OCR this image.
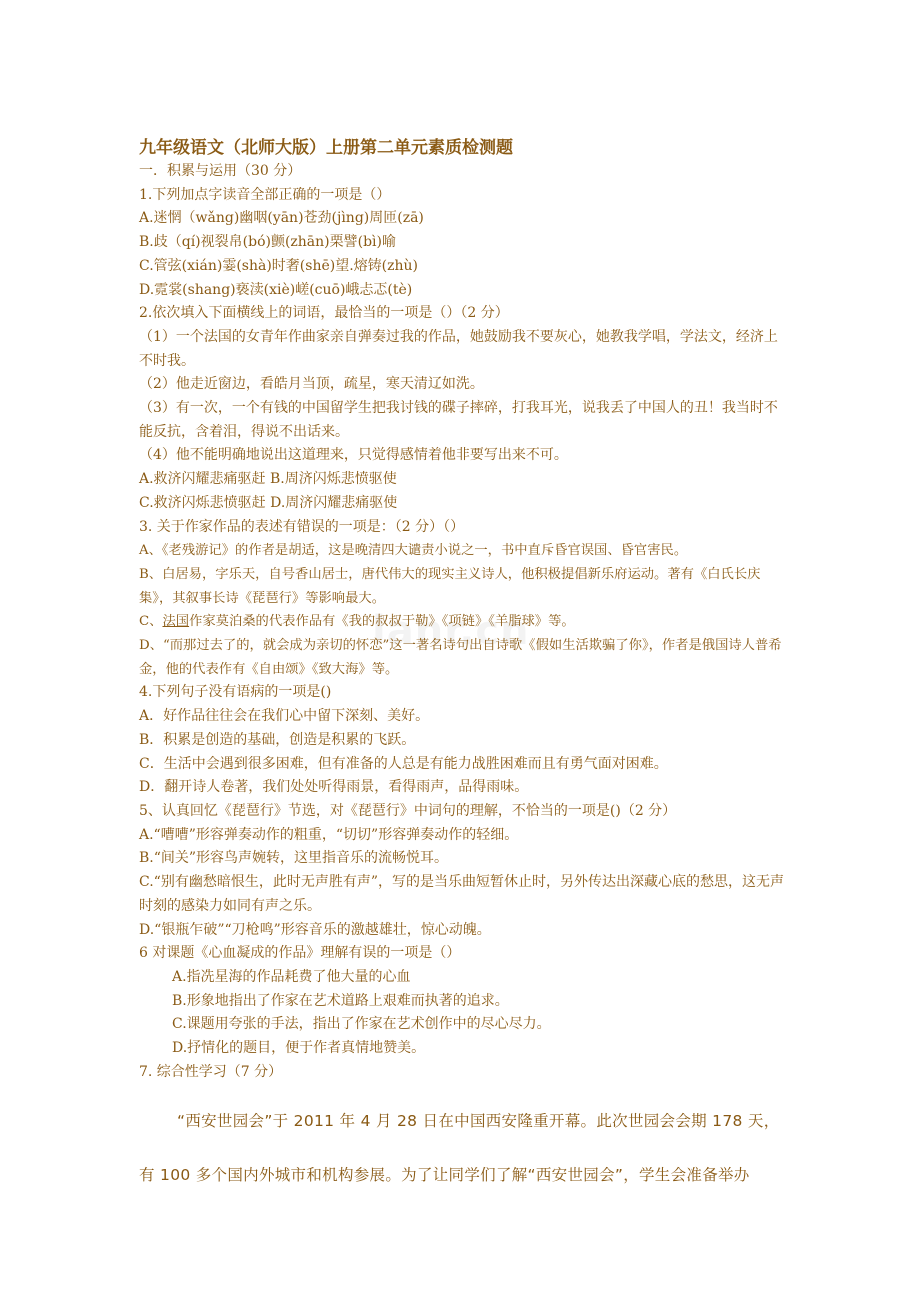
九年级语文（北师大版）上册第二单元素质检测题

一．积累与运用（30 分）

1.下列加点字读音全部正确的一项是（）

A.迷惘（wǎng)幽咽(yān)苍劲(jìng)周匝(zā)

B.歧（qí)视裂帛(bó)颤(zhān)栗譬(bì)喻

C.管弦(xián)霎(shà)时奢(shē)望.熔铸(zhù)

D.霓裳(shang)亵渎(xiè)嵯(cuō)峨忐忑(tè)

2.依次填入下面横线上的词语，最恰当的一项是（）（2 分）

（1）一个法国的女青年作曲家亲自弹奏过我的作品，她鼓励我不要灰心，她教我学唱，学法文，经济上不时我。

（2）他走近窗边，看皓月当顶，疏星，寒天清辽如洗。

（3）有一次，一个有钱的中国留学生把我讨钱的碟子摔碎，打我耳光，说我丢了中国人的丑！我当时不能反抗，含着泪，得说不出话来。

（4）他不能明确地说出这道理来，只觉得感情着他非要写出来不可。

A.救济闪耀悲痛驱赶 B.周济闪烁悲愤驱使

C.救济闪烁悲愤驱赶 D.周济闪耀悲痛驱使

3. 关于作家作品的表述有错误的一项是：（2 分）（）

A、《老残游记》的作者是胡适，这是晚清四大谴责小说之一，书中直斥昏官误国、昏官害民。

B、白居易，字乐天，自号香山居士，唐代伟大的现实主义诗人，他积极提倡新乐府运动。著有《白氏长庆集》，其叙事长诗《琵琶行》等影响最大。

C、法国作家莫泊桑的代表作品有《我的叔叔于勒》《项链》《羊脂球》等。

D、“而那过去了的，就会成为亲切的怀恋”这一著名诗句出自诗歌《假如生活欺骗了你》，作者是俄国诗人普希金，他的代表作有《自由颂》《致大海》等。

4.下列句子没有语病的一项是()

A．好作品往往会在我们心中留下深刻、美好。

B．积累是创造的基础，创造是积累的飞跃。

C．生活中会遇到很多困难，但有准备的人总是有能力战胜困难而且有勇气面对困难。

D．翻开诗人卷著，我们处处听得雨景，看得雨声，品得雨味。

5、认真回忆《琵琶行》节选，对《琵琶行》中词句的理解，不恰当的一项是()（2 分）

A.“嘈嘈”形容弹奏动作的粗重，“切切”形容弹奏动作的轻细。

B.“间关”形容鸟声婉转，这里指音乐的流畅悦耳。

C.“别有幽愁暗恨生，此时无声胜有声”，写的是当乐曲短暂休止时，另外传达出深藏心底的愁思，这无声时刻的感染力如同有声之乐。

D.“银瓶乍破”“刀枪鸣”形容音乐的激越雄壮，惊心动魄。

6 对课题《心血凝成的作品》理解有误的一项是（）

A.指冼星海的作品耗费了他大量的心血

B.形象地指出了作家在艺术道路上艰难而执著的追求。

C.课题用夸张的手法，指出了作家在艺术创作中的尽心尽力。

D.抒情化的题目，便于作者真情地赞美。

7. 综合性学习（7 分）

“西安世园会”于 2011 年 4 月 28 日在中国西安隆重开幕。此次世园会会期 178 天，有 100 多个国内外城市和机构参展。为了让同学们了解“西安世园会”，学生会准备举办
